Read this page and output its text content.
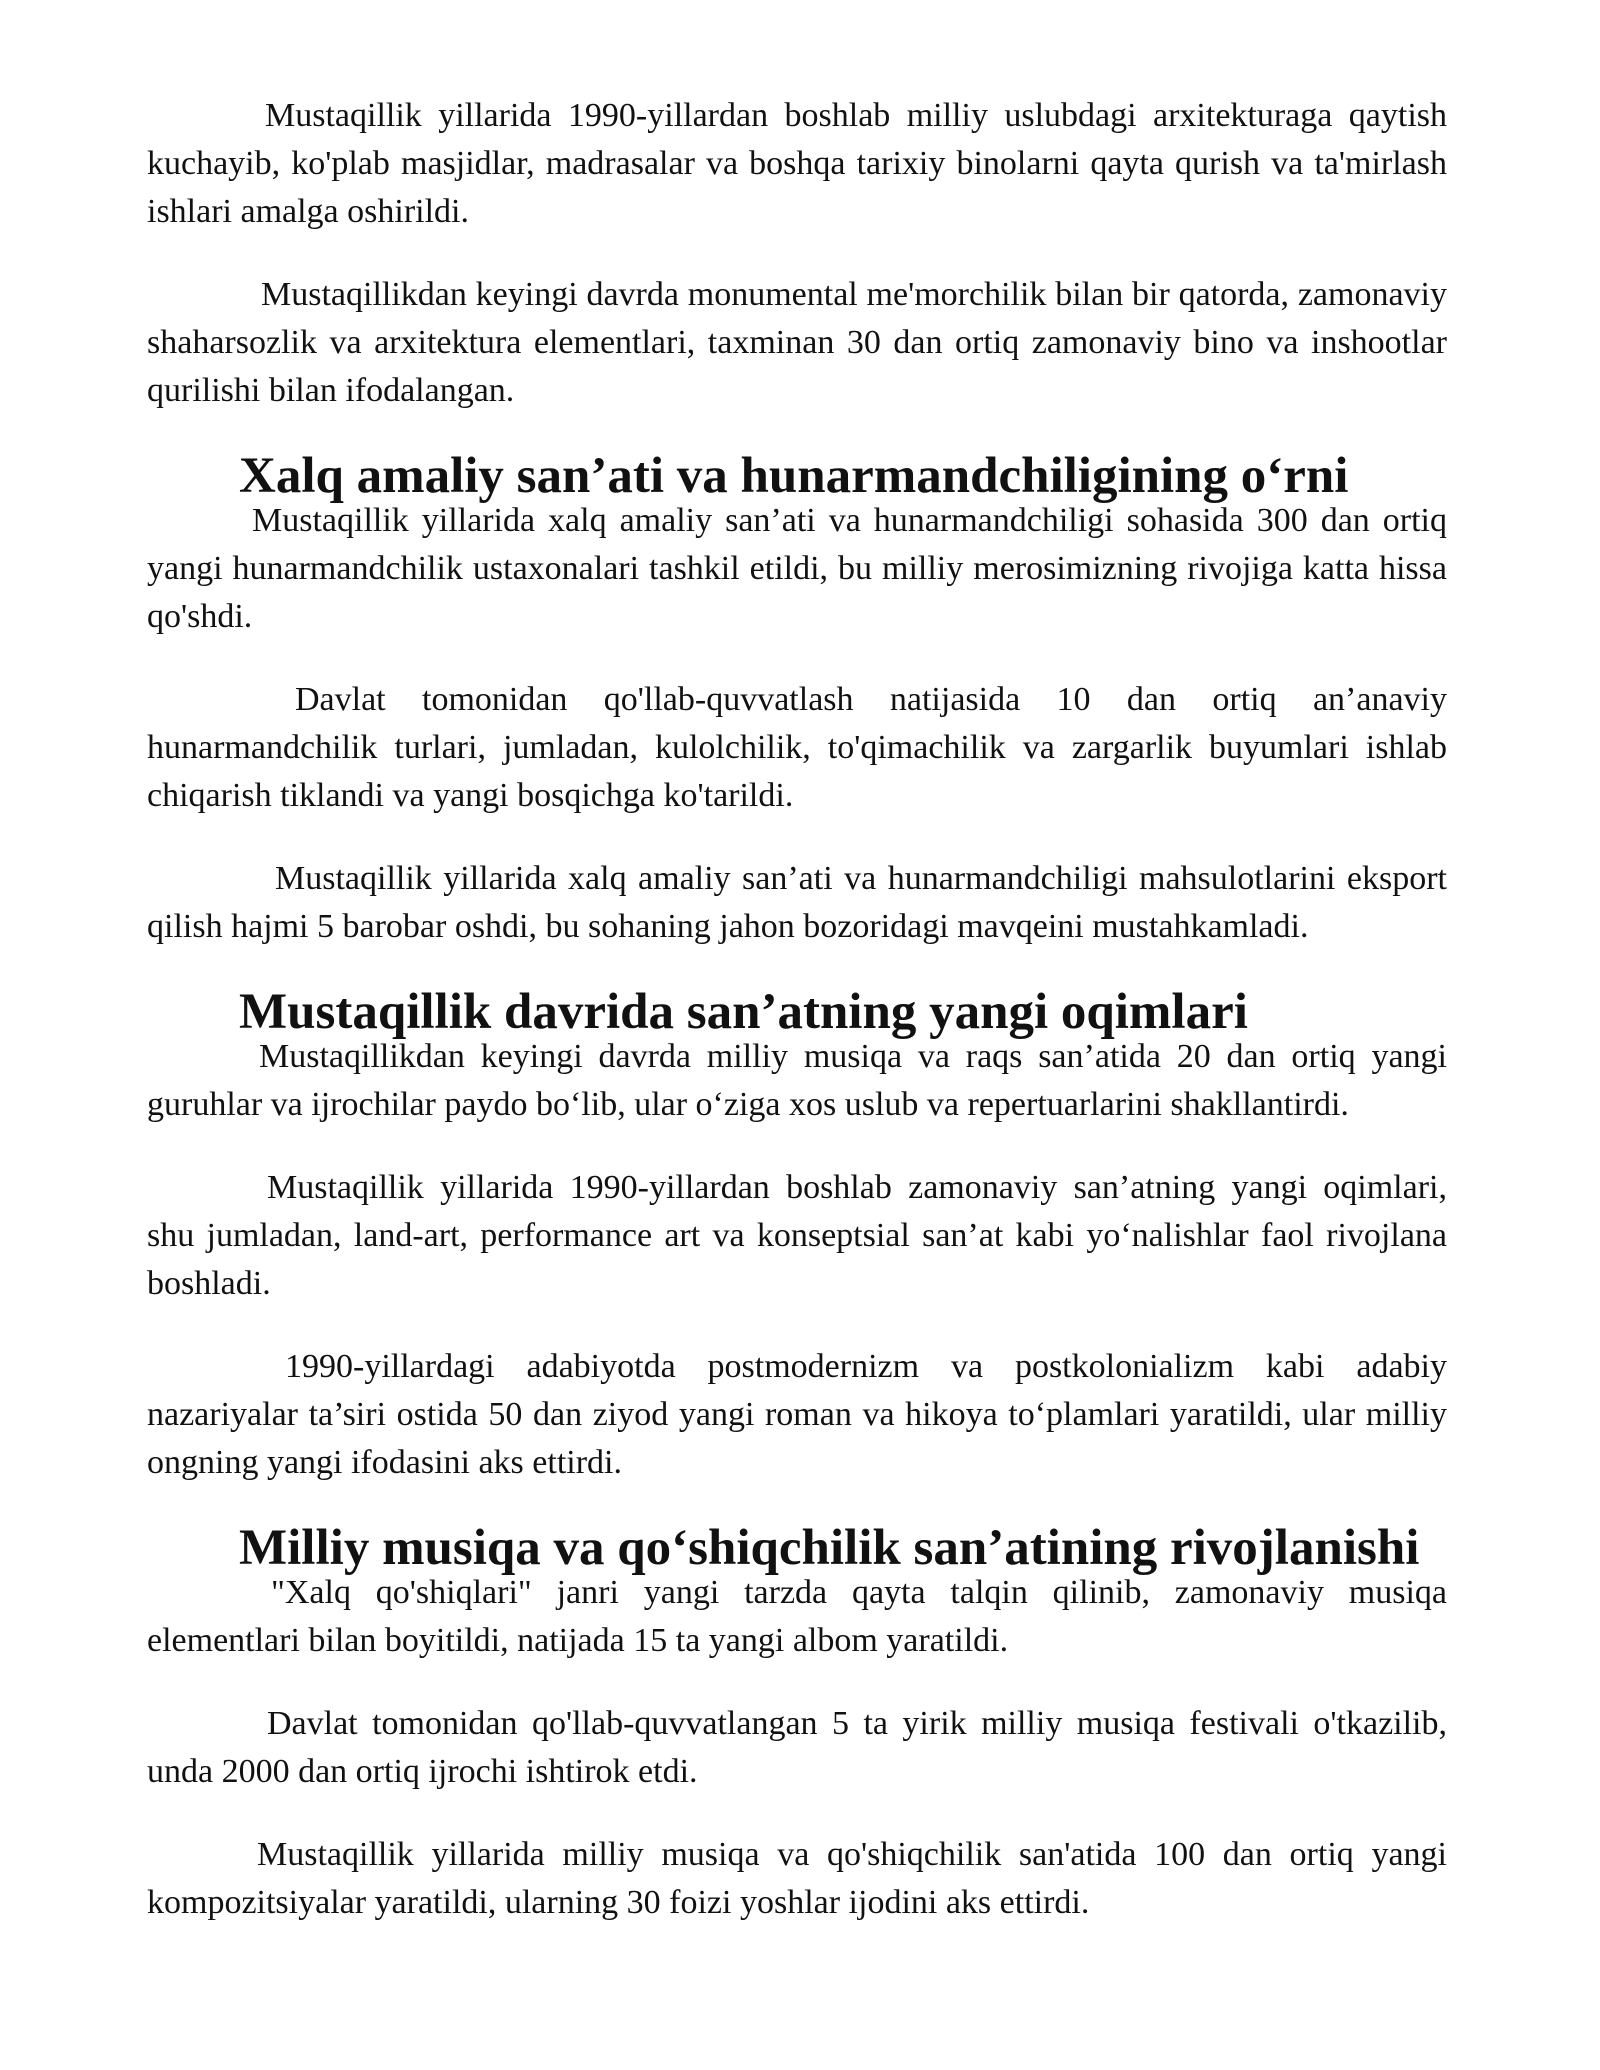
Mustaqillik yillarida 1990-yillardan boshlab milliy uslubdagi arxitekturaga qaytish kuchayib, ko'plab masjidlar, madrasalar va boshqa tarixiy binolarni qayta qurish va ta'mirlash ishlari amalga oshirildi.

Mustaqillikdan keyingi davrda monumental me'morchilik bilan bir qatorda, zamonaviy shaharsozlik va arxitektura elementlari, taxminan 30 dan ortiq zamonaviy bino va inshootlar qurilishi bilan ifodalangan.

Xalq amaliy san’ati va hunarmandchiligining o‘rni

Mustaqillik yillarida xalq amaliy san’ati va hunarmandchiligi sohasida 300 dan ortiq yangi hunarmandchilik ustaxonalari tashkil etildi, bu milliy merosimizning rivojiga katta hissa qo'shdi.

Davlat tomonidan qo'llab-quvvatlash natijasida 10 dan ortiq an’anaviy hunarmandchilik turlari, jumladan, kulolchilik, to'qimachilik va zargarlik buyumlari ishlab chiqarish tiklandi va yangi bosqichga ko'tarildi.

Mustaqillik yillarida xalq amaliy san’ati va hunarmandchiligi mahsulotlarini eksport qilish hajmi 5 barobar oshdi, bu sohaning jahon bozoridagi mavqeini mustahkamladi.

Mustaqillik davrida san’atning yangi oqimlari

Mustaqillikdan keyingi davrda milliy musiqa va raqs san’atida 20 dan ortiq yangi guruhlar va ijrochilar paydo bo‘lib, ular o‘ziga xos uslub va repertuarlarini shakllantirdi.

Mustaqillik yillarida 1990-yillardan boshlab zamonaviy san’atning yangi oqimlari, shu jumladan, land-art, performance art va konseptsial san’at kabi yo‘nalishlar faol rivojlana boshladi.

1990-yillardagi adabiyotda postmodernizm va postkolonializm kabi adabiy nazariyalar ta’siri ostida 50 dan ziyod yangi roman va hikoya to‘plamlari yaratildi, ular milliy ongning yangi ifodasini aks ettirdi.

Milliy musiqa va qo‘shiqchilik san’atining rivojlanishi

"Xalq qo'shiqlari" janri yangi tarzda qayta talqin qilinib, zamonaviy musiqa elementlari bilan boyitildi, natijada 15 ta yangi albom yaratildi.

Davlat tomonidan qo'llab-quvvatlangan 5 ta yirik milliy musiqa festivali o'tkazilib, unda 2000 dan ortiq ijrochi ishtirok etdi.

Mustaqillik yillarida milliy musiqa va qo'shiqchilik san'atida 100 dan ortiq yangi kompozitsiyalar yaratildi, ularning 30 foizi yoshlar ijodini aks ettirdi.
